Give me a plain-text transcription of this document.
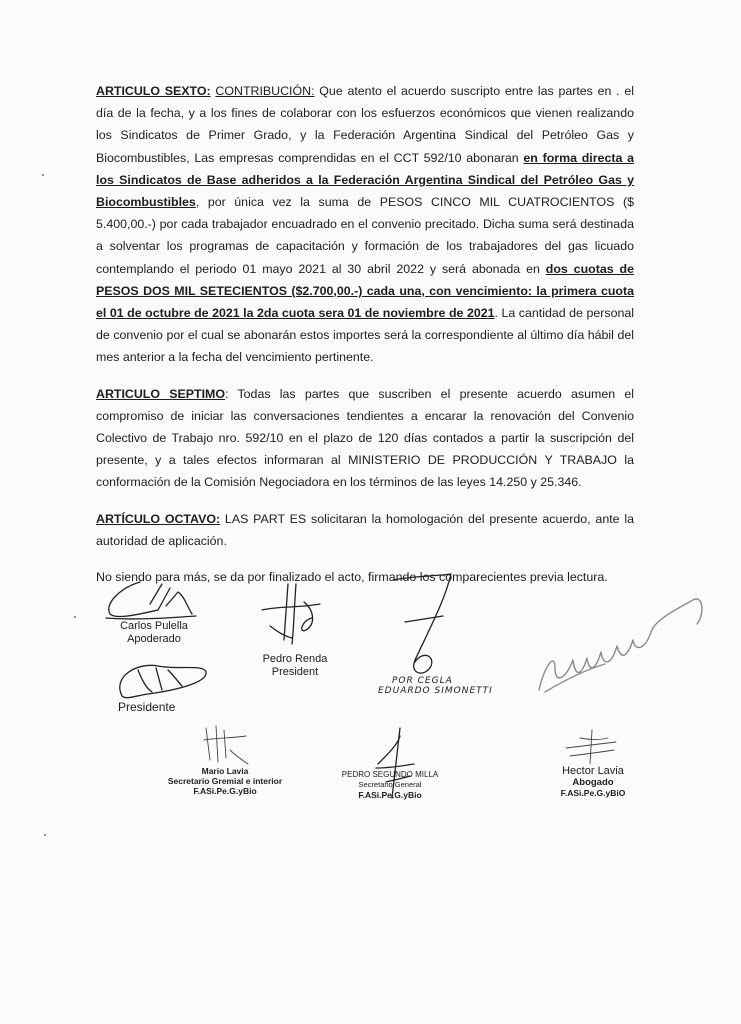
ARTICULO SEXTO: CONTRIBUCIÓN: Que atento el acuerdo suscripto entre las partes en . el día de la fecha, y a los fines de colaborar con los esfuerzos económicos que vienen realizando los Sindicatos de Primer Grado, y la Federación Argentina Sindical del Petróleo Gas y Biocombustibles, Las empresas comprendidas en el CCT 592/10 abonaran en forma directa a los Sindicatos de Base adheridos a la Federación Argentina Sindical del Petróleo Gas y Biocombustibles, por única vez la suma de PESOS CINCO MIL CUATROCIENTOS ($ 5.400,00.-) por cada trabajador encuadrado en el convenio precitado. Dicha suma será destinada a solventar los programas de capacitación y formación de los trabajadores del gas licuado contemplando el periodo 01 mayo 2021 al 30 abril 2022 y será abonada en dos cuotas de PESOS DOS MIL SETECIENTOS ($2.700,00.-) cada una, con vencimiento: la primera cuota el 01 de octubre de 2021 la 2da cuota sera 01 de noviembre de 2021. La cantidad de personal de convenio por el cual se abonarán estos importes será la correspondiente al último día hábil del mes anterior a la fecha del vencimiento pertinente.

ARTICULO SEPTIMO: Todas las partes que suscriben el presente acuerdo asumen el compromiso de iniciar las conversaciones tendientes a encarar la renovación del Convenio Colectivo de Trabajo nro. 592/10 en el plazo de 120 días contados a partir la suscripción del presente, y a tales efectos informaran al MINISTERIO DE PRODUCCIÓN Y TRABAJO la conformación de la Comisión Negociadora en los términos de las leyes 14.250 y 25.346.

ARTÍCULO OCTAVO: LAS PART ES solicitaran la homologación del presente acuerdo, ante la autoridad de aplicación.

No siendo para más, se da por finalizado el acto, firmando los comparecientes previa lectura.

Carlos Pulella
Apoderado
Pedro Renda
President
POR CEGLA
EDUARDO SIMONETTI
Presidente
Mario Lavia
Secretario Gremial e interior
F.ASi.Pe.G.yBio
PEDRO SEGUNDO MILLA
Secretario General
F.ASi.Pe.G.yBio
Hector Lavia
Abogado
F.ASi.Pe.G.yBiO
